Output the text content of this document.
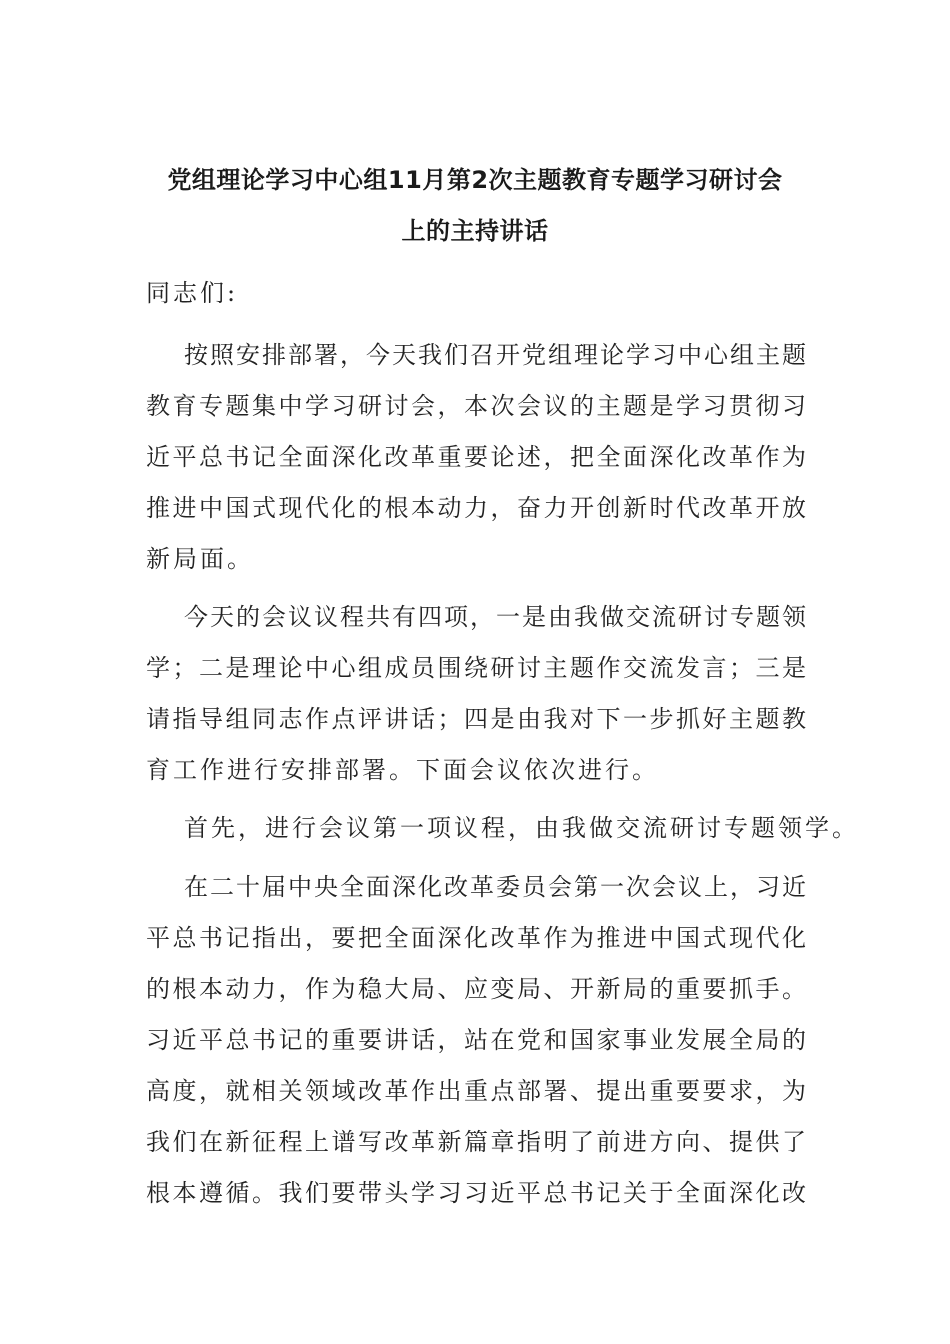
党组理论学习中心组11月第2次主题教育专题学习研讨会
上的主持讲话
同志们:
按照安排部署，今天我们召开党组理论学习中心组主题
教育专题集中学习研讨会，本次会议的主题是学习贯彻习
近平总书记全面深化改革重要论述，把全面深化改革作为
推进中国式现代化的根本动力，奋力开创新时代改革开放
新局面。
今天的会议议程共有四项，一是由我做交流研讨专题领
学；二是理论中心组成员围绕研讨主题作交流发言；三是
请指导组同志作点评讲话；四是由我对下一步抓好主题教
育工作进行安排部署。下面会议依次进行。
首先，进行会议第一项议程，由我做交流研讨专题领学。
在二十届中央全面深化改革委员会第一次会议上，习近
平总书记指出，要把全面深化改革作为推进中国式现代化
的根本动力，作为稳大局、应变局、开新局的重要抓手。
习近平总书记的重要讲话，站在党和国家事业发展全局的
高度，就相关领域改革作出重点部署、提出重要要求，为
我们在新征程上谱写改革新篇章指明了前进方向、提供了
根本遵循。我们要带头学习习近平总书记关于全面深化改
